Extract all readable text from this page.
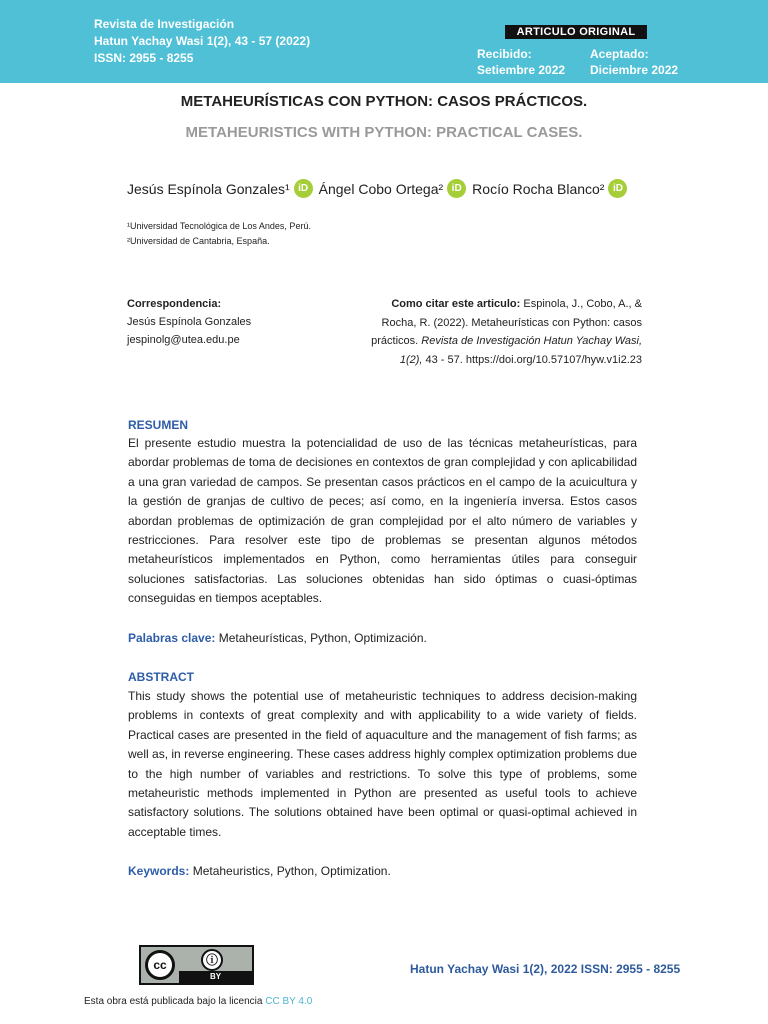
Revista de Investigación
Hatun Yachay Wasi 1(2), 43 - 57 (2022)
ISSN: 2955 - 8255
ARTICULO ORIGINAL
Recibido:
Setiembre 2022
Aceptado:
Diciembre 2022
METAHEURÍSTICAS CON PYTHON: CASOS PRÁCTICOS.
METAHEURISTICS WITH PYTHON: PRACTICAL CASES.
Jesús Espínola Gonzales¹ iD Ángel Cobo Ortega² iD Rocío Rocha Blanco² iD
¹Universidad Tecnológica de Los Andes, Perú.
²Universidad de Cantabria, España.
Correspondencia:
Jesús Espínola Gonzales
jespinolg@utea.edu.pe
Como citar este articulo: Espinola, J., Cobo, A., & Rocha, R. (2022). Metaheurísticas con Python: casos prácticos. Revista de Investigación Hatun Yachay Wasi, 1(2), 43 - 57. https://doi.org/10.57107/hyw.v1i2.23
RESUMEN
El presente estudio muestra la potencialidad de uso de las técnicas metaheurísticas, para abordar problemas de toma de decisiones en contextos de gran complejidad y con aplicabilidad a una gran variedad de campos. Se presentan casos prácticos en el campo de la acuicultura y la gestión de granjas de cultivo de peces; así como, en la ingeniería inversa. Estos casos abordan problemas de optimización de gran complejidad por el alto número de variables y restricciones. Para resolver este tipo de problemas se presentan algunos métodos metaheurísticos implementados en Python, como herramientas útiles para conseguir soluciones satisfactorias. Las soluciones obtenidas han sido óptimas o cuasi-óptimas conseguidas en tiempos aceptables.
Palabras clave: Metaheurísticas, Python, Optimización.
ABSTRACT
This study shows the potential use of metaheuristic techniques to address decision-making problems in contexts of great complexity and with applicability to a wide variety of fields. Practical cases are presented in the field of aquaculture and the management of fish farms; as well as, in reverse engineering. These cases address highly complex optimization problems due to the high number of variables and restrictions. To solve this type of problems, some metaheuristic methods implemented in Python are presented as useful tools to achieve satisfactory solutions. The solutions obtained have been optimal or quasi-optimal achieved in acceptable times.
Keywords: Metaheuristics, Python, Optimization.
cc	ⓘ
BY
Esta obra está publicada bajo la licencia CC BY 4.0
Hatun Yachay Wasi 1(2), 2022 ISSN: 2955 - 8255
